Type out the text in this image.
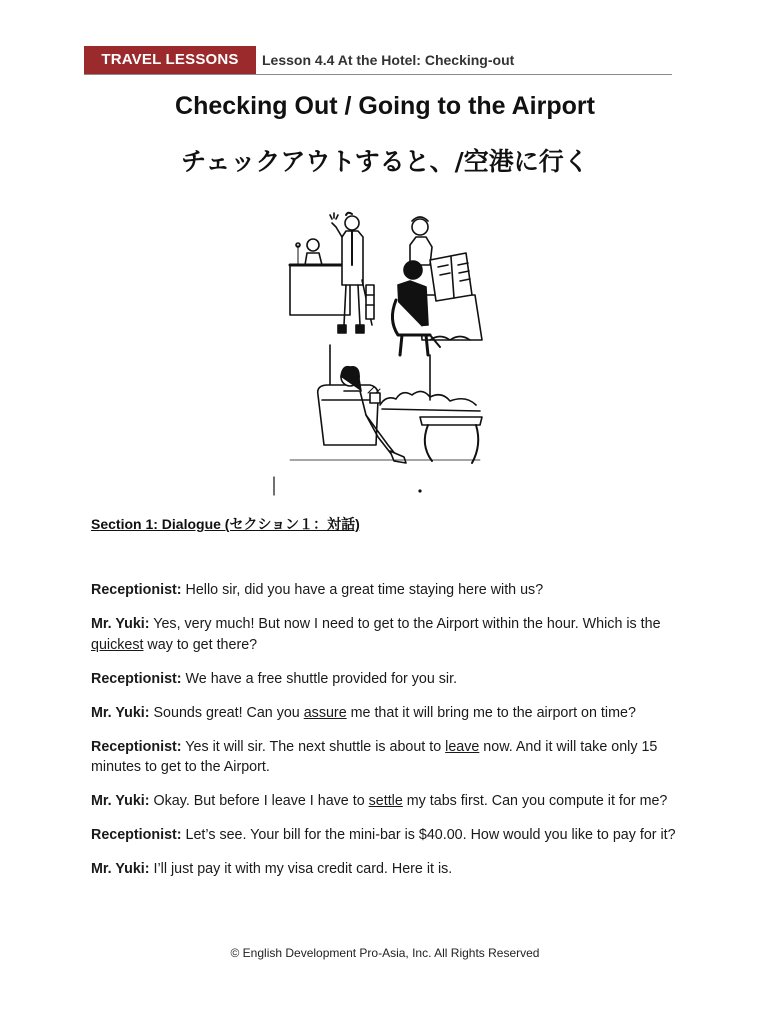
TRAVEL LESSONS	Lesson 4.4 At the Hotel: Checking-out
Checking Out / Going to the Airport
チェックアウトすると、/空港に行く
Section 1: Dialogue (セクション１：対話)

Receptionist: Hello sir, did you have a great time staying here with us?

Mr. Yuki: Yes, very much! But now I need to get to the Airport within the hour. Which is the quickest way to get there?

Receptionist: We have a free shuttle provided for you sir.

Mr. Yuki: Sounds great! Can you assure me that it will bring me to the airport on time?

Receptionist: Yes it will sir. The next shuttle is about to leave now. And it will take only 15 minutes to get to the Airport.

Mr. Yuki: Okay. But before I leave I have to settle my tabs first. Can you compute it for me?

Receptionist: Let’s see. Your bill for the mini-bar is $40.00. How would you like to pay for it?

Mr. Yuki: I’ll just pay it with my visa credit card. Here it is.

© English Development Pro-Asia, Inc. All Rights Reserved
